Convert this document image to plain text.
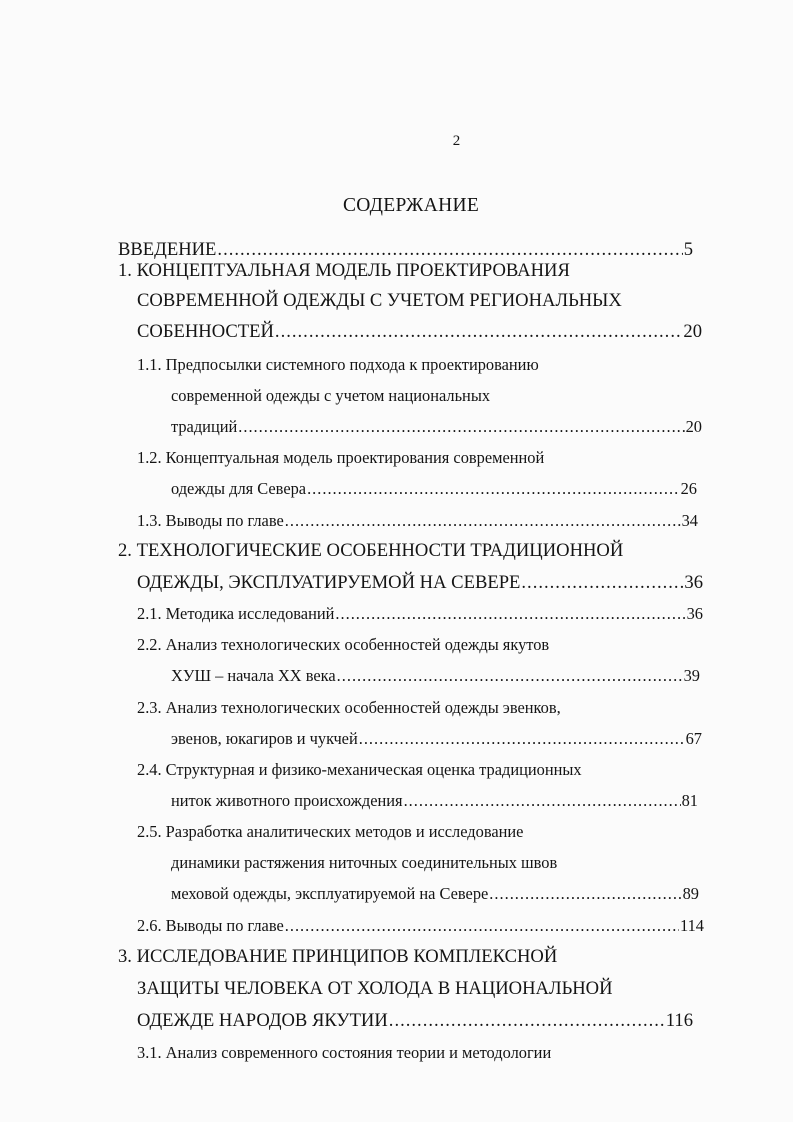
2

СОДЕРЖАНИЕ
ВВЕДЕНИЕ .....	5
1. КОНЦЕПТУАЛЬНАЯ МОДЕЛЬ ПРОЕКТИРОВАНИЯ
СОВРЕМЕННОЙ ОДЕЖДЫ С УЧЕТОМ РЕГИОНАЛЬНЫХ
СОБЕННОСТЕЙ .....	20
1.1. Предпосылки системного подхода к проектированию
современной одежды с учетом национальных
традиций .....	20
1.2. Концептуальная модель проектирования современной
одежды для Севера .....	26
1.3. Выводы по главе .....	34
2. ТЕХНОЛОГИЧЕСКИЕ ОСОБЕННОСТИ ТРАДИЦИОННОЙ
ОДЕЖДЫ, ЭКСПЛУАТИРУЕМОЙ НА СЕВЕРЕ .....	36
2.1. Методика исследований .....	36
2.2. Анализ технологических особенностей одежды якутов
ХУШ – начала XX века .....	39
2.3. Анализ технологических особенностей одежды эвенков,
эвенов, юкагиров и чукчей .....	67
2.4. Структурная и физико-механическая оценка традиционных
ниток животного происхождения .....	81
2.5. Разработка аналитических методов и исследование
динамики растяжения ниточных соединительных швов
меховой одежды, эксплуатируемой на Севере .....	89
2.6. Выводы по главе .....	114
3. ИССЛЕДОВАНИЕ ПРИНЦИПОВ КОМПЛЕКСНОЙ
ЗАЩИТЫ ЧЕЛОВЕКА ОТ ХОЛОДА В НАЦИОНАЛЬНОЙ
ОДЕЖДЕ НАРОДОВ ЯКУТИИ .....	116
3.1. Анализ современного состояния теории и методологии
